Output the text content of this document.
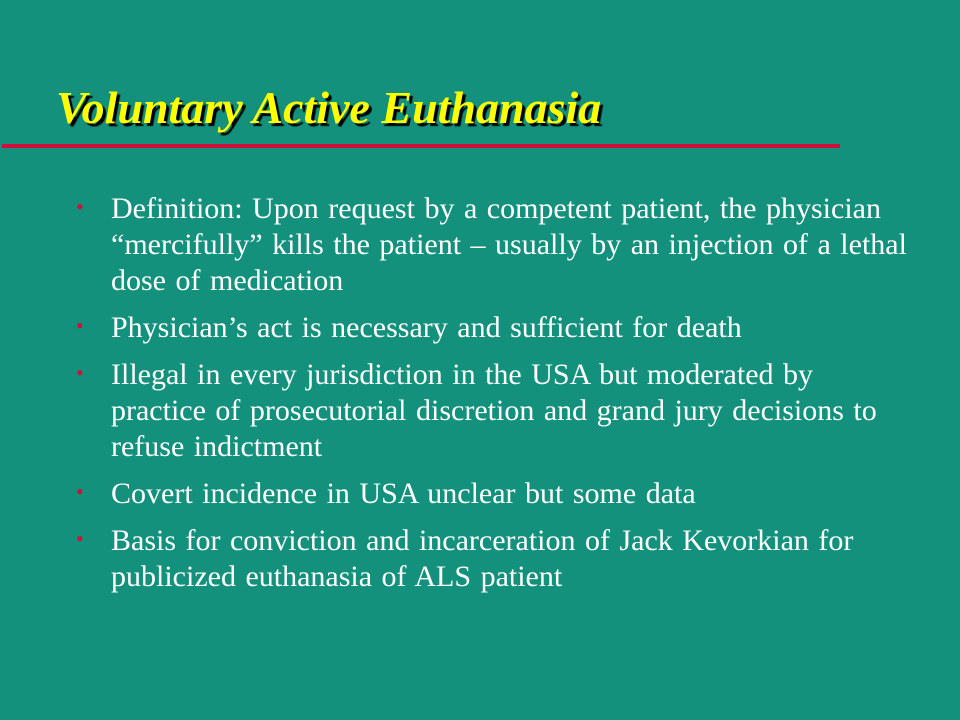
Voluntary Active Euthanasia
• Definition: Upon request by a competent patient, the physician “mercifully” kills the patient – usually by an injection of a lethal dose of medication
• Physician’s act is necessary and sufficient for death
• Illegal in every jurisdiction in the USA but moderated by practice of prosecutorial discretion and grand jury decisions to refuse indictment
• Covert incidence in USA unclear but some data
• Basis for conviction and incarceration of Jack Kevorkian for publicized euthanasia of ALS patient
